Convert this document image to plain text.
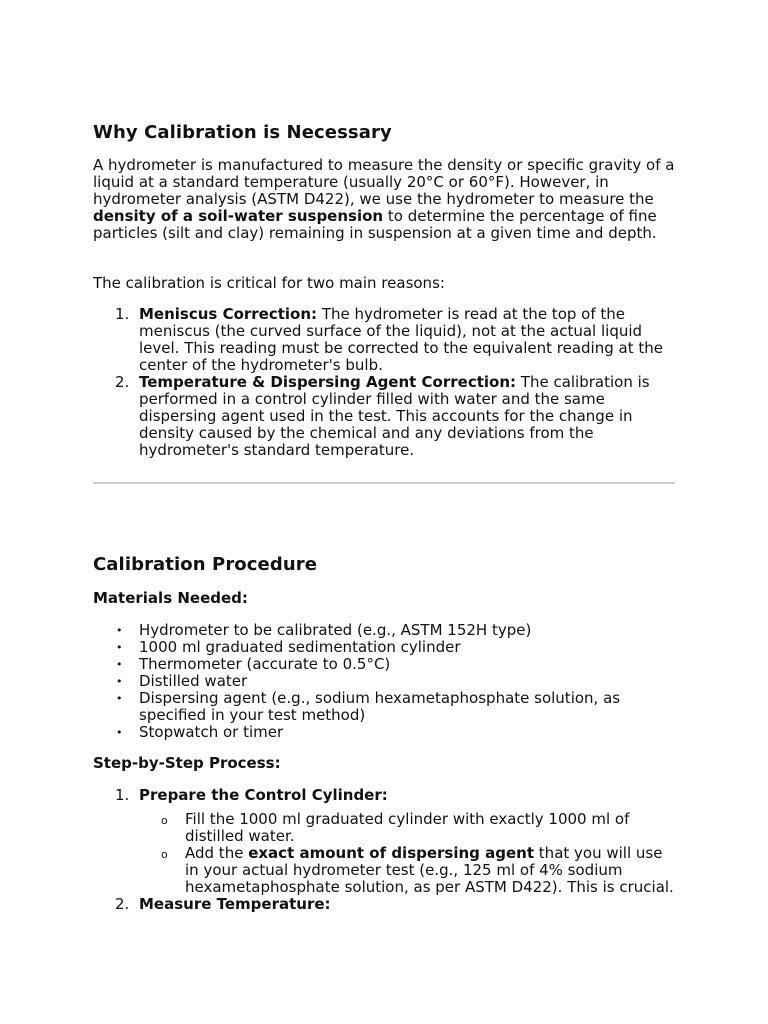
Why Calibration is Necessary

A hydrometer is manufactured to measure the density or specific gravity of a liquid at a standard temperature (usually 20°C or 60°F). However, in hydrometer analysis (ASTM D422), we use the hydrometer to measure the density of a soil-water suspension to determine the percentage of fine particles (silt and clay) remaining in suspension at a given time and depth.

The calibration is critical for two main reasons:

1. Meniscus Correction: The hydrometer is read at the top of the meniscus (the curved surface of the liquid), not at the actual liquid level. This reading must be corrected to the equivalent reading at the center of the hydrometer's bulb.
2. Temperature & Dispersing Agent Correction: The calibration is performed in a control cylinder filled with water and the same dispersing agent used in the test. This accounts for the change in density caused by the chemical and any deviations from the hydrometer's standard temperature.
Calibration Procedure

Materials Needed:

• Hydrometer to be calibrated (e.g., ASTM 152H type)
• 1000 ml graduated sedimentation cylinder
• Thermometer (accurate to 0.5°C)
• Distilled water
• Dispersing agent (e.g., sodium hexametaphosphate solution, as specified in your test method)
• Stopwatch or timer

Step-by-Step Process:

1. Prepare the Control Cylinder:
o Fill the 1000 ml graduated cylinder with exactly 1000 ml of distilled water.
o Add the exact amount of dispersing agent that you will use in your actual hydrometer test (e.g., 125 ml of 4% sodium hexametaphosphate solution, as per ASTM D422). This is crucial.
2. Measure Temperature:
